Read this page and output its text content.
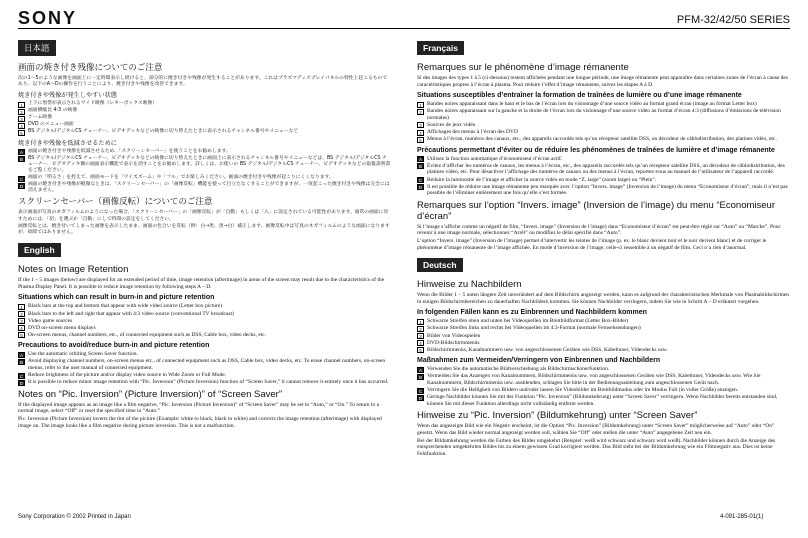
SONY	PFM-32/42/50 SERIES
日本語
画面の焼き付き残像についてのご注意
次の1〜5のような画像を画面上に一定時間表示し続けると、部分的に焼き付きや残像が発生することがあります。これはプラズマディスプレイパネルの特性上起こるものであり、以下のA〜Dの操作を行うことにより、焼き付きや残像を改善できます。
焼き付きや残像が発生しやすい状態
1	上下に黒帯が表示されるワイド映像（レターボックス映像）
2	画面横縦比 4:3 の映像
3	ゲーム映像
4	DVD のメニュー画面
5	BS デジタル/デジタルCS チューナー、ビデオデッキなどの映像に切り替えたときに表示されるチャンネル番号やメニューなど
焼き付きや残像を低減させるために
A	画面の焼き付きや残像を低減させるため、「スクリーンセーバー」を使うことをお勧めします。
B	BS デジタル/デジタルCS チューナー、ビデオデッキなどの映像に切り替えたときに画面上に表示されるチャンネル番号やメニューなどは、BS デジタル/デジタルCS チューナー、ビデオデッキ側の画面表示機能で表示を消すことをお勧めします。詳しくは、お使いの BS デジタル/デジタルCS チューナー、ビデオデッキなどの取扱説明書をご覧ください。
C	画面の「明るさ」を控えて、画面モードを「ワイズズーム」や「フル」でお楽しみください。画面の焼き付きや残像が起こりにくくなります。
D	画面の焼き付きや残像が軽微なときは、「スクリーンセーバー」の「画像反転」機能を使って目立たなくすることができますが、一度起こった焼き付きや残像は完全には消えません。
スクリーンセーバー（画像反転）についてのご注意
表示画面が写真のネガフィルムのようになった場合、「スクリーンセーバー」の「画像反転」が「自動」もしくは「入」に設定されている可能性があります。通常の画面に戻すためには、「切」を選ぶか「自動」にして時間の設定をしてください。
画像反転とは、焼き付いてしまった画像を表示したまま、画面の色合いを反転（例：白→黒、黒→白）補正します。画像反転中は写真のネガフィルムのような画面になりますが、故障ではありません。
English
Notes on Image Retention
If the 1 – 5 images (below) are displayed for an extended period of time, image retention (afterimage) in areas of the screen may result due to the characteristics of the Plasma Display Panel. It is possible to reduce image retention by following steps A – D.
Situations which can result in burn-in and picture retention
1 Black bars at the top and bottom that appear with wide video source (Letter box picture)
2 Black bars to the left and right that appear with 4:3 video source (conventional TV broadcast)
3 Video game sources
4 DVD on-screen menu displays
5 On-screen menus, channel numbers, etc., of connected equipment such as DSS, Cable box, video decks, etc.
Precautions to avoid/reduce burn-in and picture retention
A Use the automatic orbiting Screen Saver function.
B Avoid displaying channel numbers, on-screen menus etc., of connected equipment such as DSS, Cable box, video decks, etc. To erase channel numbers, on-screen menus, refer to the user manual of connected equipment.
C Reduce brightness of the picture and/or display video source in Wide Zoom or Full Mode.
D It is possible to reduce minor image retention with “Pic. Inversion” (Picture Inversion) function of “Screen Saver,” it cannot remove it entirely once it has occurred.
Notes on “Pic. Inversion” (Picture Inversion)” of “Screen Saver”
If the displayed image appears as an image like a film negative, “Pic. Inversion (Picture Inversion)” of “Screen Saver” may be set to “Auto,” or “On.” To return to a normal image, select “Off” or reset the specified time in “Auto.”
Pic. Inversion (Picture Inversion) inverts the tint of the picture (Example: white to black, black to white) and corrects the image retention (afterimage) with displayed image on. The image looks like a film negative during picture inversion. This is not a malfunction.
Français
Remarques sur le phénomène d’image rémanente
Si des images des types 1 à 5 (ci-dessous) restent affichées pendant une longue période, une image rémanente peut apparaître dans certaines zones de l’écran à cause des caractéristiques propres à l’écran à plasma. Pour réduire l’effet d’image rémanente, suivez les étapes A à D.
Situations susceptibles d’entraîner la formation de traînées de lumière ou d’une image rémanente
1 Bandes noires apparaissant dans le haut et le bas de l’écran lors du visionnage d’une source vidéo au format grand écran (image au format Letter box)
2 Bandes noires apparaissant sur la gauche et la droite de l’écran lors du visionnage d’une source vidéo au format d’écran 4:3 (diffusions d’émissions de télévision normales)
3 Sources de jeux vidéo
4 Affichages des menus à l’écran des DVD
5 Menus à l’écran, numéros des canaux, etc., des appareils raccordés tels qu’un récepteur satellite DSS, un décodeur de câblodistribution, des platines vidéo, etc.
Précautions permettant d’éviter ou de réduire les phénomènes de traînées de lumière et d’image rémanente
A Utilisez la fonction automatique d’économiseur d’écran actif.
B Évitez d’afficher les numéros de canaux, les menus à l’écran, etc., des appareils raccordés tels qu’un récepteur satellite DSS, un décodeur de câblodistribution, des platines vidéo, etc. Pour désactiver l’affichage des numéros de canaux ou des menus à l’écran, reportez-vous au manuel de l’utilisateur de l’appareil raccordé.
C Réduire la luminosité de l’image et afficher la source vidéo en mode “Z. large” (zoom large) ou “Plein”.
D Il est possible de réduire une image rémanente peu marquée avec l’option “Invers. image” (Inversion de l’image) du menu “Economiseur d’écran”, mais il n’est pas possible de l’éliminer entièrement une fois qu’elle s’est formée.
Remarques sur l’option “Invers. image” (Inversion de l’image) du menu “Economiseur d’écran”
Si l’image s’affiche comme un négatif de film, “Invers. image” (Inversion de l’image) dans “Economiseur d’écran” est peut-être réglé sur “Auto” ou “Marche”. Pour revenir à une image normale, sélectionnez “Arrêt” ou modifiez le délai spécifié dans “Auto”.
L’option “Invers. image” (Inversion de l’image) permet d’intervertir les teintes de l’image (p. ex. le blanc devient noir et le noir devient blanc) et de corriger le phénomène d’image rémanente de l’image affichée. En mode d’inversion de l’image, celle-ci ressemble à un négatif de film. Ceci n’a rien d’anormal.
Deutsch
Hinweise zu Nachbildern
Wenn die Bilder 1 – 5 unten längere Zeit unverändert auf dem Bildschirm angezeigt werden, kann es aufgrund der charakteristischen Merkmale von Plasmabildschirmen in einigen Bildschirmbereichen zu dauerhaften Nachbildern kommen. Sie können Nachbilder verringern, indem Sie wie in Schritt A – D erläutert vorgehen.
In folgenden Fällen kann es zu Einbrennen und Nachbildern kommen
1 Schwarze Streifen oben und unten bei Videoquellen im Breitbildformat (Letter Box-Bilder)
2 Schwarze Streifen links und rechts bei Videoquellen im 4:3-Format (normale Fernsehsendungen)
3 Bilder von Videospielen
4 DVD-Bildschirmmenüs
5 Bildschirmmenüs, Kanalnummern usw. von angeschlossenen Geräten wie DSS, Kabeltuner, Videodecks usw.
Maßnahmen zum Vermeiden/Verringern von Einbrennen und Nachbildern
A Verwenden Sie die automatische Bildverschiebung als Bildschirmschonerfunktion.
B Vermeiden Sie das Anzeigen von Kanalnummern, Bildschirmmenüs usw. von angeschlossenen Geräten wie DSS, Kabeltuner, Videodecks usw. Wie Sie Kanalnummern, Bildschirmmenüs usw. ausblenden, schlagen Sie bitte in der Bedienungsanleitung zum angeschlossenen Gerät nach.
C Verringern Sie die Helligkeit von Bildern und/oder lassen Sie Videobilder im Breitbildmodus oder im Modus Full (in voller Größe) anzeigen.
D Geringe Nachbilder können Sie mit der Funktion “Pic. Inversion” (Bildumkehrung) unter “Screen Saver” verringern. Wenn Nachbilder bereits entstanden sind, können Sie mit dieser Funktion allerdings nicht vollständig entfernt werden.
Hinweise zu “Pic. Inversion” (Bildumkehrung) unter “Screen Saver”
Wenn das angezeigte Bild wie ein Negativ erscheint, ist die Option “Pic. Inversion” (Bildumkehrung) unter “Screen Saver” möglicherweise auf “Auto” oder “On” gesetzt. Wenn das Bild wieder normal angezeigt werden soll, wählen Sie “Off” oder stellen die unter “Auto” angegebene Zeit neu ein.
Bei der Bildumkehrung werden die Farben des Bildes umgekehrt (Beispiel: weiß wird schwarz und schwarz wird weiß). Nachbilder können durch die Anzeige des entsprechenden umgekehrten Bildes bis zu einem gewissen Grad korrigiert werden. Das Bild sieht bei der Bildumkehrung wie ein Filmnegativ aus. Dies ist keine Fehlfunktion.
Sony Corporation © 2002 Printed in Japan	4-091-285-01(1)
